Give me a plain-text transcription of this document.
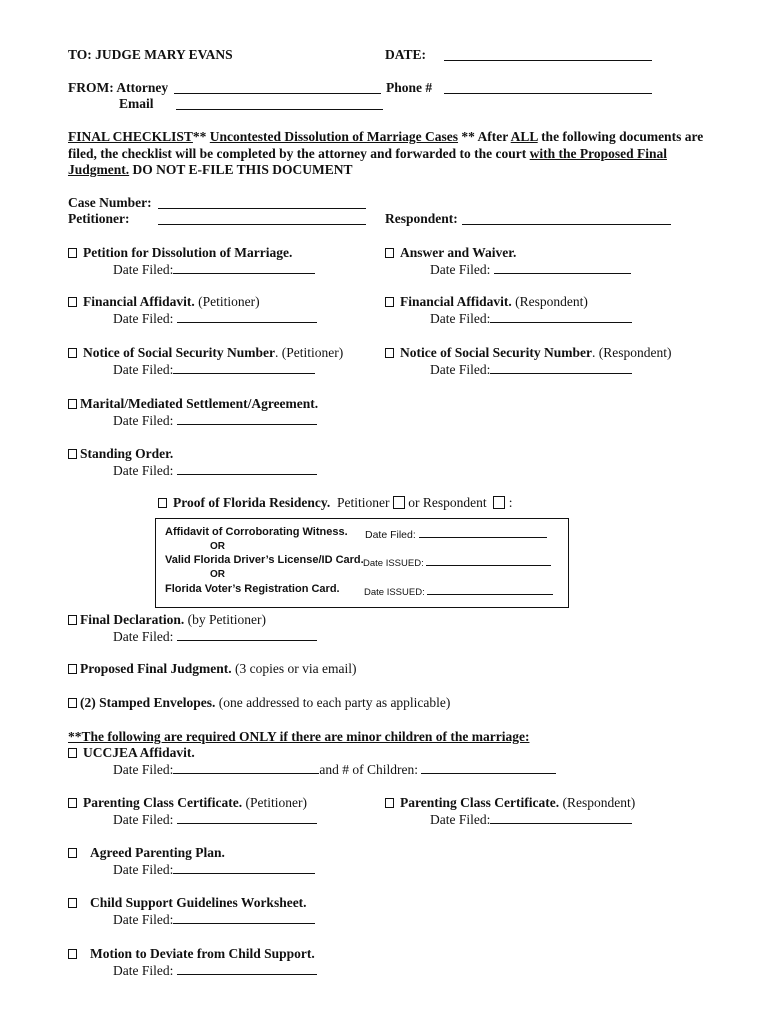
TO: JUDGE MARY EVANS	DATE:
FROM: Attorney	Phone #
Email
FINAL CHECKLIST** Uncontested Dissolution of Marriage Cases ** After ALL the following documents are filed, the checklist will be completed by the attorney and forwarded to the court with the Proposed Final Judgment. DO NOT E-FILE THIS DOCUMENT
Case Number:
Petitioner:	Respondent:
Petition for Dissolution of Marriage.
Date Filed:
Answer and Waiver.
Date Filed:
Financial Affidavit. (Petitioner)
Date Filed:
Financial Affidavit. (Respondent)
Date Filed:
Notice of Social Security Number. (Petitioner)
Date Filed:
Notice of Social Security Number. (Respondent)
Date Filed:
Marital/Mediated Settlement/Agreement.
Date Filed:
Standing Order.
Date Filed:
Proof of Florida Residency. Petitioner or Respondent :
Affidavit of Corroborating Witness. Date Filed:
OR
Valid Florida Driver’s License/ID Card. Date ISSUED:
OR
Florida Voter’s Registration Card.	Date ISSUED:
Final Declaration. (by Petitioner)
Date Filed:
Proposed Final Judgment. (3 copies or via email)
(2) Stamped Envelopes. (one addressed to each party as applicable)
**The following are required ONLY if there are minor children of the marriage:
UCCJEA Affidavit.
Date Filed:	and # of Children:
Parenting Class Certificate. (Petitioner)
Date Filed:
Parenting Class Certificate. (Respondent)
Date Filed:
Agreed Parenting Plan.
Date Filed:
Child Support Guidelines Worksheet.
Date Filed:
Motion to Deviate from Child Support.
Date Filed:
